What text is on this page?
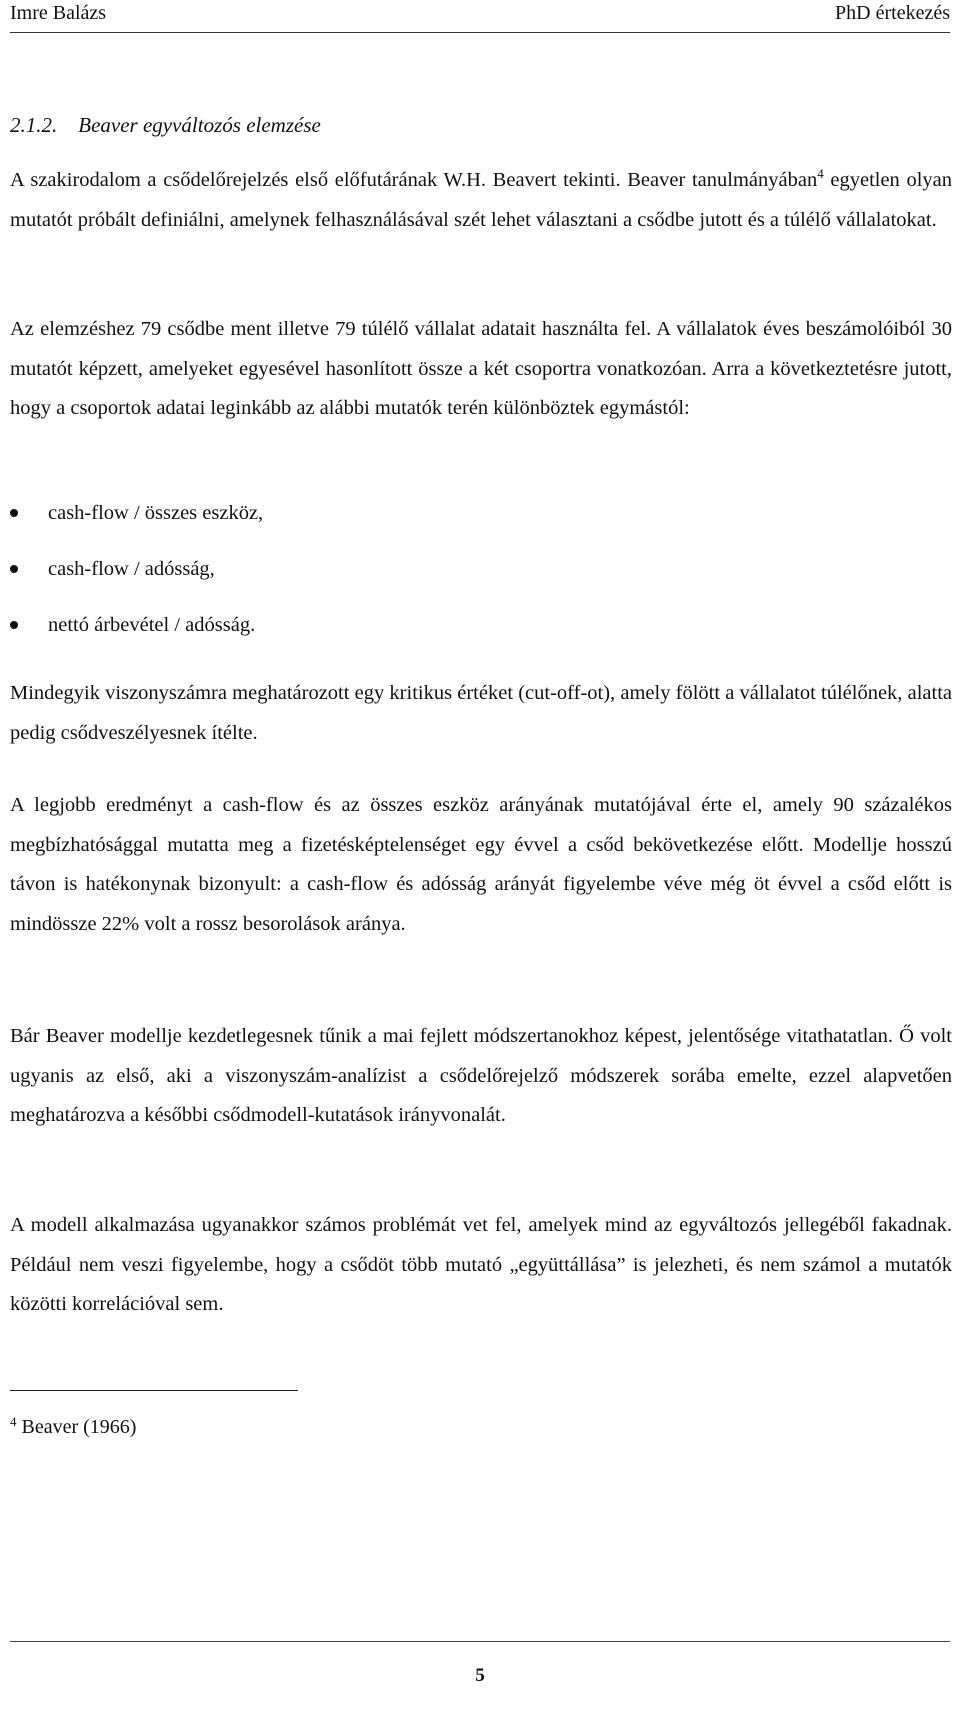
Imre Balázs	PhD értekezés
2.1.2. Beaver egyváltozós elemzése

A szakirodalom a csődelőrejelzés első előfutárának W.H. Beavert tekinti. Beaver tanulmányában$^4$ egyetlen olyan mutatót próbált definiálni, amelynek felhasználásával szét lehet választani a csődbe jutott és a túlélő vállalatokat.

Az elemzéshez 79 csődbe ment illetve 79 túlélő vállalat adatait használta fel. A vállalatok éves beszámolóiból 30 mutatót képzett, amelyeket egyesével hasonlított össze a két csoportra vonatkozóan. Arra a következtetésre jutott, hogy a csoportok adatai leginkább az alábbi mutatók terén különböztek egymástól:

cash-flow / összes eszköz,
cash-flow / adósság,
nettó árbevétel / adósság.

Mindegyik viszonyszámra meghatározott egy kritikus értéket (cut-off-ot), amely fölött a vállalatot túlélőnek, alatta pedig csődveszélyesnek ítélte.

A legjobb eredményt a cash-flow és az összes eszköz arányának mutatójával érte el, amely 90 százalékos megbízhatósággal mutatta meg a fizetésképtelenséget egy évvel a csőd bekövetkezése előtt. Modellje hosszú távon is hatékonynak bizonyult: a cash-flow és adósság arányát figyelembe véve még öt évvel a csőd előtt is mindössze 22% volt a rossz besorolások aránya.

Bár Beaver modellje kezdetlegesnek tűnik a mai fejlett módszertanokhoz képest, jelentősége vitathatatlan. Ő volt ugyanis az első, aki a viszonyszám-analízist a csődelőrejelző módszerek sorába emelte, ezzel alapvetően meghatározva a későbbi csődmodell-kutatások irányvonalát.

A modell alkalmazása ugyanakkor számos problémát vet fel, amelyek mind az egyváltozós jellegéből fakadnak. Például nem veszi figyelembe, hogy a csődöt több mutató „együttállása” is jelezheti, és nem számol a mutatók közötti korrelációval sem.

$^4$ Beaver (1966)
5
